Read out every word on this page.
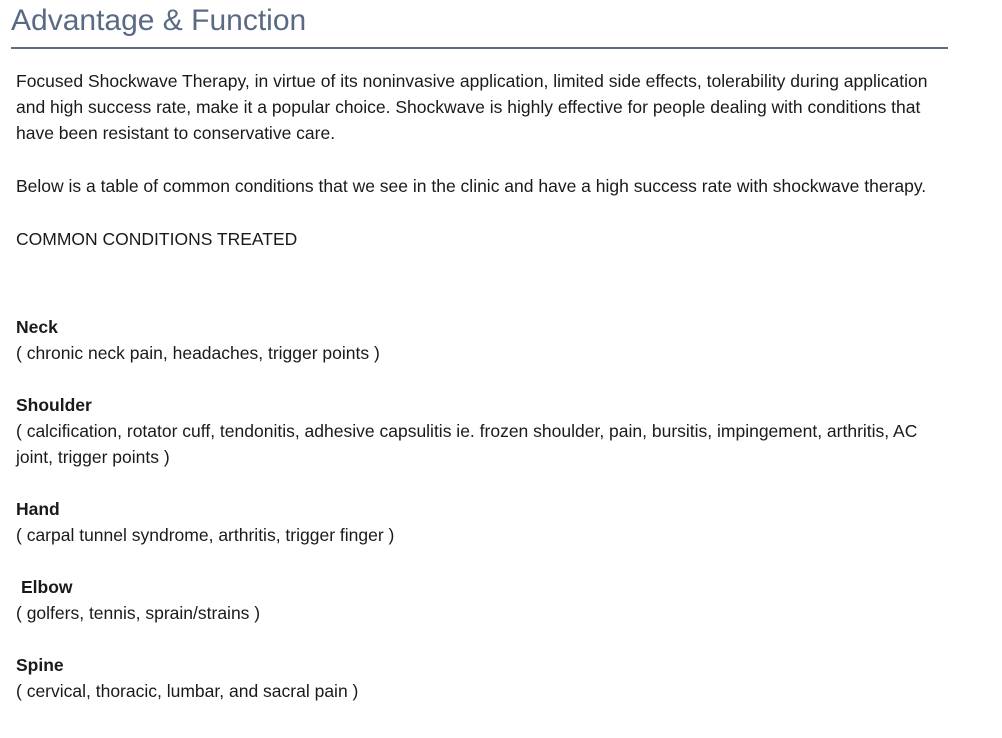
Advantage & Function

Focused Shockwave Therapy, in virtue of its noninvasive application, limited side effects, tolerability during application and high success rate, make it a popular choice. Shockwave is highly effective for people dealing with conditions that have been resistant to conservative care.

Below is a table of common conditions that we see in the clinic and have a high success rate with shockwave therapy.

COMMON CONDITIONS TREATED

Neck
( chronic neck pain, headaches, trigger points )
Shoulder
( calcification, rotator cuff, tendonitis, adhesive capsulitis ie. frozen shoulder, pain, bursitis, impingement, arthritis, AC joint, trigger points )
Hand
( carpal tunnel syndrome, arthritis, trigger finger )
Elbow
( golfers, tennis, sprain/strains )
Spine
( cervical, thoracic, lumbar, and sacral pain )
